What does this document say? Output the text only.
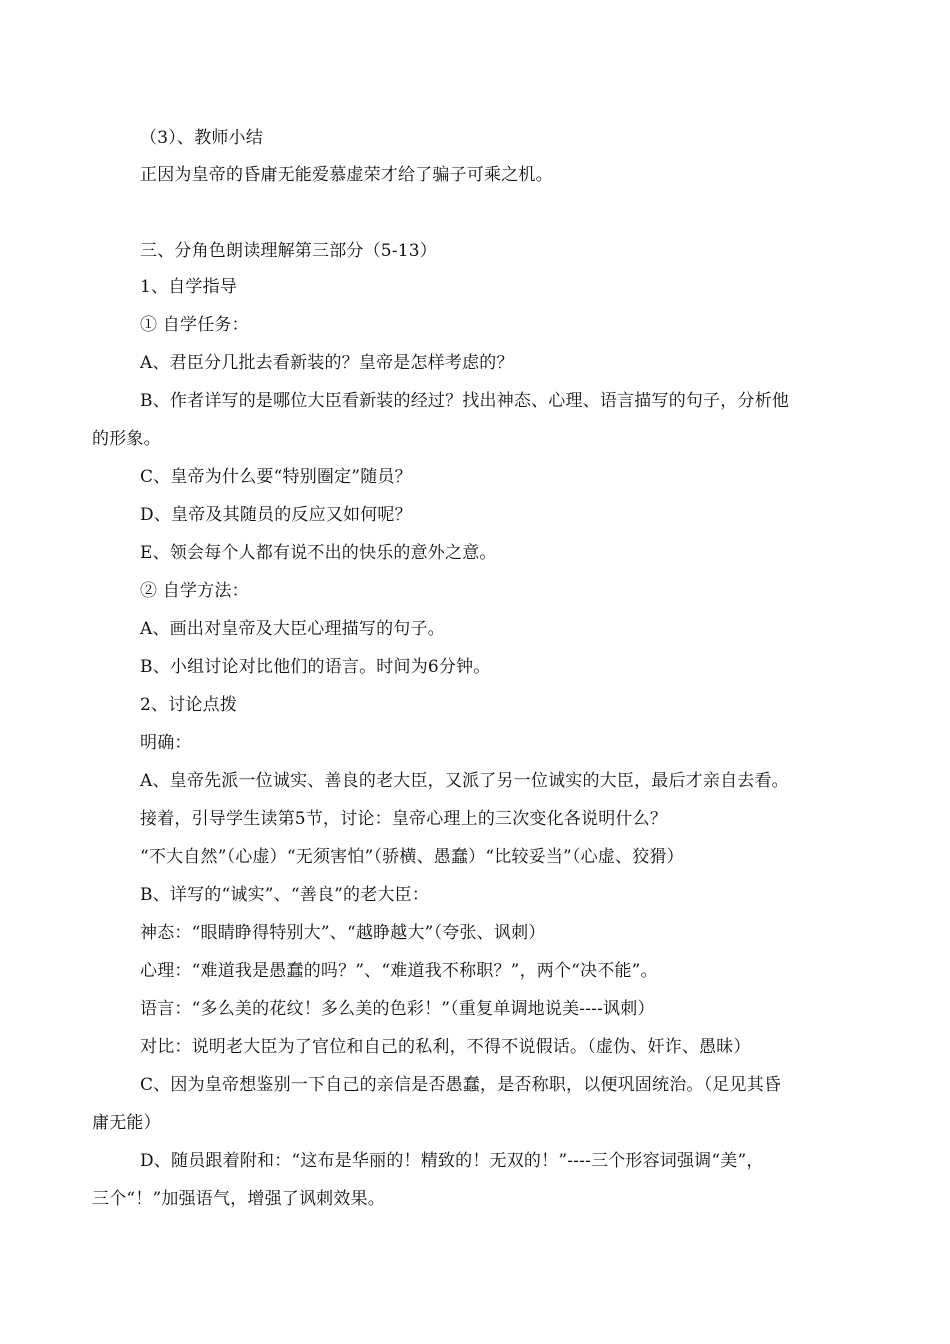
（3）、教师小结
正因为皇帝的昏庸无能爱慕虚荣才给了骗子可乘之机。
三、分角色朗读理解第三部分（5-13）
1、自学指导
① 自学任务：
A、君臣分几批去看新装的？皇帝是怎样考虑的？
B、作者详写的是哪位大臣看新装的经过？找出神态、心理、语言描写的句子，分析他
的形象。
C、皇帝为什么要“特别圈定”随员？
D、皇帝及其随员的反应又如何呢？
E、领会每个人都有说不出的快乐的意外之意。
② 自学方法：
A、画出对皇帝及大臣心理描写的句子。
B、小组讨论对比他们的语言。时间为6分钟。
2、讨论点拨
明确：
A、皇帝先派一位诚实、善良的老大臣，又派了另一位诚实的大臣，最后才亲自去看。
接着，引导学生读第5节，讨论：皇帝心理上的三次变化各说明什么？
“不大自然”（心虚）“无须害怕”（骄横、愚蠢）“比较妥当”（心虚、狡猾）
B、详写的“诚实”、“善良”的老大臣：
神态：“眼睛睁得特别大”、“越睁越大”（夸张、讽刺）
心理：“难道我是愚蠢的吗？”、“难道我不称职？”，两个“决不能”。
语言：“多么美的花纹！多么美的色彩！”（重复单调地说美----讽刺）
对比：说明老大臣为了官位和自己的私利，不得不说假话。（虚伪、奸诈、愚昧）
C、因为皇帝想鉴别一下自己的亲信是否愚蠢，是否称职，以便巩固统治。（足见其昏
庸无能）
D、随员跟着附和：“这布是华丽的！精致的！无双的！”----三个形容词强调“美”，
三个“！”加强语气，增强了讽刺效果。
